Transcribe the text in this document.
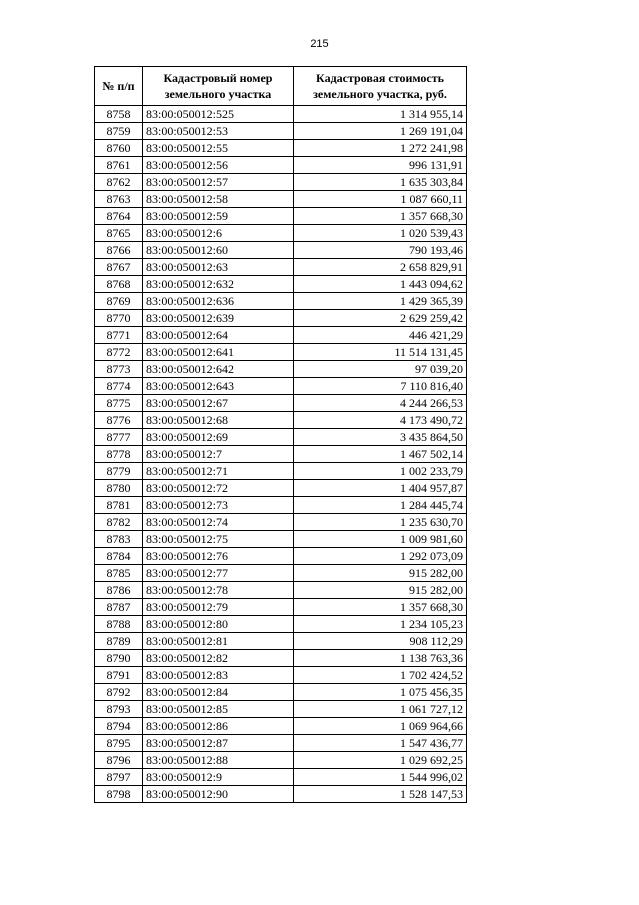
215
№ п/п	Кадастровый номер земельного участка	Кадастровая стоимость земельного участка, руб.
8758	83:00:050012:525	1 314 955,14
8759	83:00:050012:53	1 269 191,04
8760	83:00:050012:55	1 272 241,98
8761	83:00:050012:56	996 131,91
8762	83:00:050012:57	1 635 303,84
8763	83:00:050012:58	1 087 660,11
8764	83:00:050012:59	1 357 668,30
8765	83:00:050012:6	1 020 539,43
8766	83:00:050012:60	790 193,46
8767	83:00:050012:63	2 658 829,91
8768	83:00:050012:632	1 443 094,62
8769	83:00:050012:636	1 429 365,39
8770	83:00:050012:639	2 629 259,42
8771	83:00:050012:64	446 421,29
8772	83:00:050012:641	11 514 131,45
8773	83:00:050012:642	97 039,20
8774	83:00:050012:643	7 110 816,40
8775	83:00:050012:67	4 244 266,53
8776	83:00:050012:68	4 173 490,72
8777	83:00:050012:69	3 435 864,50
8778	83:00:050012:7	1 467 502,14
8779	83:00:050012:71	1 002 233,79
8780	83:00:050012:72	1 404 957,87
8781	83:00:050012:73	1 284 445,74
8782	83:00:050012:74	1 235 630,70
8783	83:00:050012:75	1 009 981,60
8784	83:00:050012:76	1 292 073,09
8785	83:00:050012:77	915 282,00
8786	83:00:050012:78	915 282,00
8787	83:00:050012:79	1 357 668,30
8788	83:00:050012:80	1 234 105,23
8789	83:00:050012:81	908 112,29
8790	83:00:050012:82	1 138 763,36
8791	83:00:050012:83	1 702 424,52
8792	83:00:050012:84	1 075 456,35
8793	83:00:050012:85	1 061 727,12
8794	83:00:050012:86	1 069 964,66
8795	83:00:050012:87	1 547 436,77
8796	83:00:050012:88	1 029 692,25
8797	83:00:050012:9	1 544 996,02
8798	83:00:050012:90	1 528 147,53
